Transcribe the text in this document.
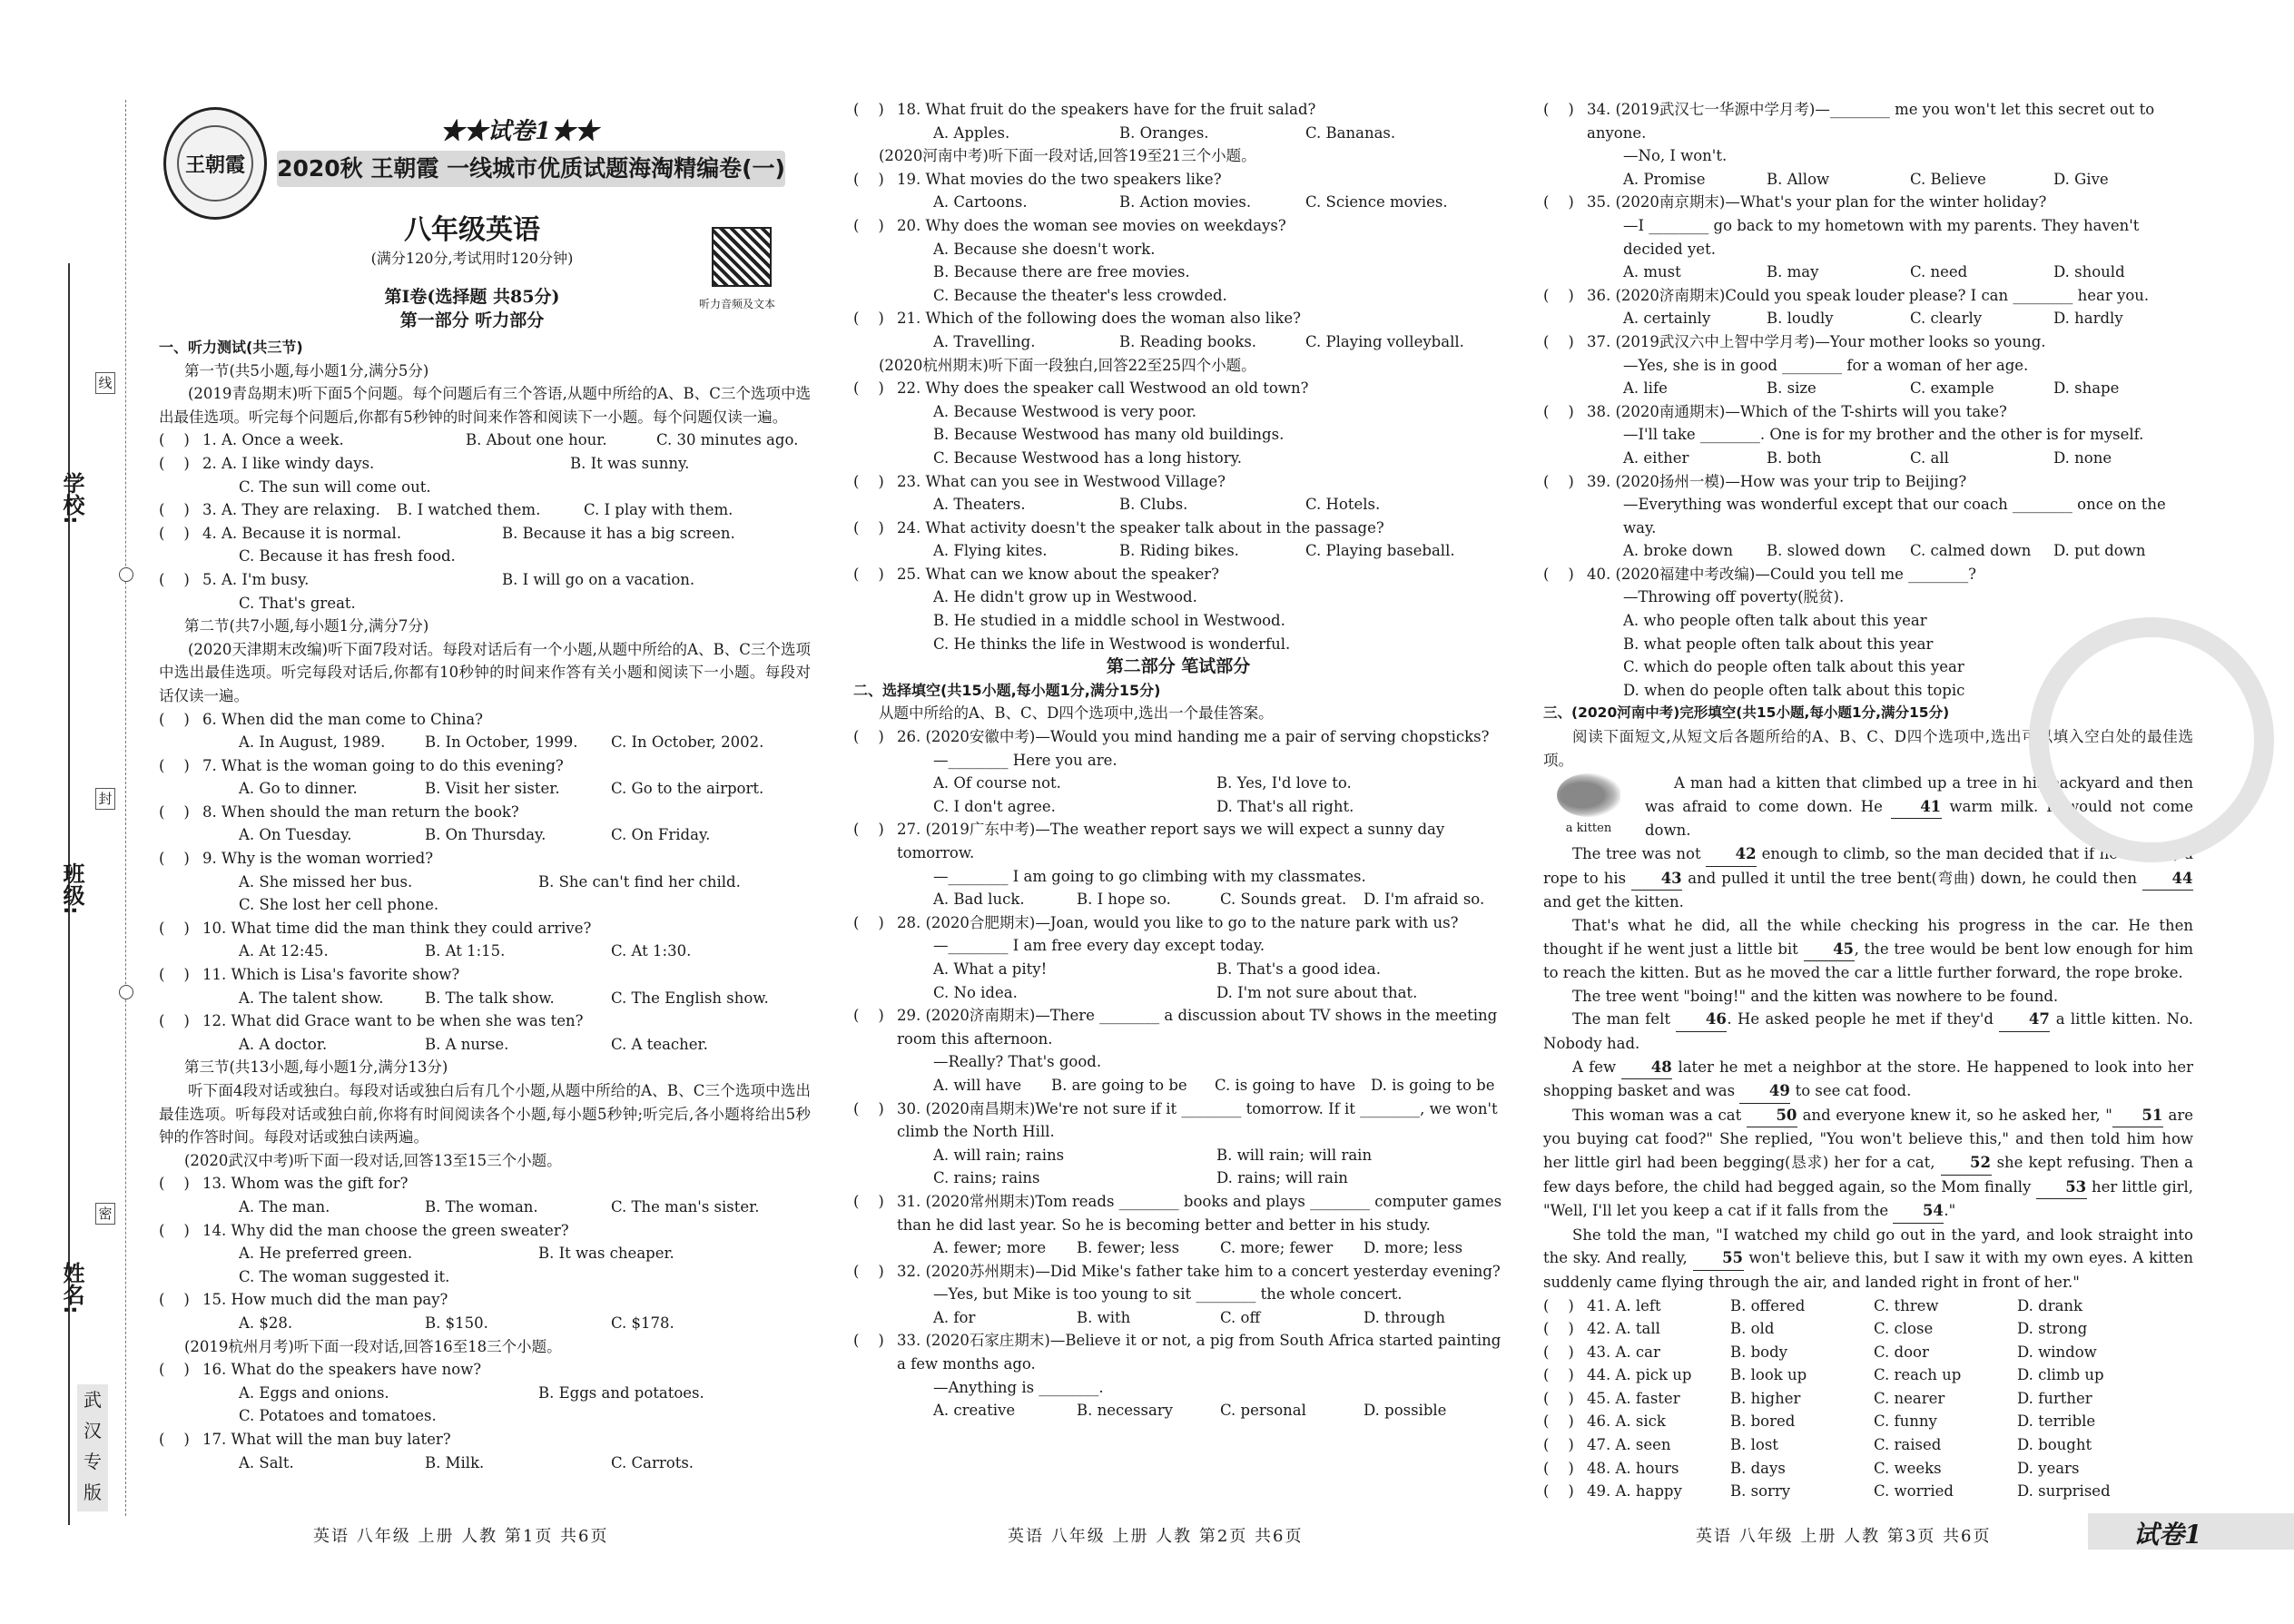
学校:
班级:
姓名:
线
封
密
武汉专版
王朝霞
★★试卷1★★
2020秋 王朝霞 一线城市优质试题海淘精编卷(一)
八年级英语
(满分120分,考试用时120分钟)
听力音频及文本
第Ⅰ卷(选择题 共85分)
第一部分 听力部分
一、听力测试(共三节)
第一节(共5小题,每小题1分,满分5分)
(2019青岛期末)听下面5个问题。每个问题后有三个答语,从题中所给的A、B、C三个选项中选出最佳选项。听完每个问题后,你都有5秒钟的时间来作答和阅读下一小题。每个问题仅读一遍。
(    ) 1. A. Once a week.	B. About one hour.	C. 30 minutes ago.
(    ) 2. A. I like windy days.	B. It was sunny.
C. The sun will come out.
(    ) 3. A. They are relaxing.	B. I watched them.	C. I play with them.
(    ) 4. A. Because it is normal.	B. Because it has a big screen.
C. Because it has fresh food.
(    ) 5. A. I'm busy.	B. I will go on a vacation.
C. That's great.
第二节(共7小题,每小题1分,满分7分)
(2020天津期末改编)听下面7段对话。每段对话后有一个小题,从题中所给的A、B、C三个选项中选出最佳选项。听完每段对话后,你都有10秒钟的时间来作答有关小题和阅读下一小题。每段对话仅读一遍。
(    ) 6. When did the man come to China?
A. In August, 1989.	B. In October, 1999.	C. In October, 2002.
(    ) 7. What is the woman going to do this evening?
A. Go to dinner.	B. Visit her sister.	C. Go to the airport.
(    ) 8. When should the man return the book?
A. On Tuesday.	B. On Thursday.	C. On Friday.
(    ) 9. Why is the woman worried?
A. She missed her bus.	B. She can't find her child.
C. She lost her cell phone.
(    ) 10. What time did the man think they could arrive?
A. At 12:45.	B. At 1:15.	C. At 1:30.
(    ) 11. Which is Lisa's favorite show?
A. The talent show.	B. The talk show.	C. The English show.
(    ) 12. What did Grace want to be when she was ten?
A. A doctor.	B. A nurse.	C. A teacher.
第三节(共13小题,每小题1分,满分13分)
听下面4段对话或独白。每段对话或独白后有几个小题,从题中所给的A、B、C三个选项中选出最佳选项。听每段对话或独白前,你将有时间阅读各个小题,每小题5秒钟;听完后,各小题将给出5秒钟的作答时间。每段对话或独白读两遍。
(2020武汉中考)听下面一段对话,回答13至15三个小题。
(    ) 13. Whom was the gift for?
A. The man.	B. The woman.	C. The man's sister.
(    ) 14. Why did the man choose the green sweater?
A. He preferred green.	B. It was cheaper.
C. The woman suggested it.
(    ) 15. How much did the man pay?
A. $28.	B. $150.	C. $178.
(2019杭州月考)听下面一段对话,回答16至18三个小题。
(    ) 16. What do the speakers have now?
A. Eggs and onions.	B. Eggs and potatoes.
C. Potatoes and tomatoes.
(    ) 17. What will the man buy later?
A. Salt.	B. Milk.	C. Carrots.
(    ) 18. What fruit do the speakers have for the fruit salad?
A. Apples.	B. Oranges.	C. Bananas.
(2020河南中考)听下面一段对话,回答19至21三个小题。
(    ) 19. What movies do the two speakers like?
A. Cartoons.	B. Action movies.	C. Science movies.
(    ) 20. Why does the woman see movies on weekdays?
A. Because she doesn't work.
B. Because there are free movies.
C. Because the theater's less crowded.
(    ) 21. Which of the following does the woman also like?
A. Travelling.	B. Reading books.	C. Playing volleyball.
(2020杭州期末)听下面一段独白,回答22至25四个小题。
(    ) 22. Why does the speaker call Westwood an old town?
A. Because Westwood is very poor.
B. Because Westwood has many old buildings.
C. Because Westwood has a long history.
(    ) 23. What can you see in Westwood Village?
A. Theaters.	B. Clubs.	C. Hotels.
(    ) 24. What activity doesn't the speaker talk about in the passage?
A. Flying kites.	B. Riding bikes.	C. Playing baseball.
(    ) 25. What can we know about the speaker?
A. He didn't grow up in Westwood.
B. He studied in a middle school in Westwood.
C. He thinks the life in Westwood is wonderful.
第二部分 笔试部分
二、选择填空(共15小题,每小题1分,满分15分)
从题中所给的A、B、C、D四个选项中,选出一个最佳答案。
(    ) 26. (2020安徽中考)—Would you mind handing me a pair of serving chopsticks?
—________ Here you are.
A. Of course not.	B. Yes, I'd love to.
C. I don't agree.	D. That's all right.
(    ) 27. (2019广东中考)—The weather report says we will expect a sunny day tomorrow.
—________ I am going to go climbing with my classmates.
A. Bad luck.	B. I hope so.	C. Sounds great.	D. I'm afraid so.
(    ) 28. (2020合肥期末)—Joan, would you like to go to the nature park with us?
—________ I am free every day except today.
A. What a pity!	B. That's a good idea.
C. No idea.	D. I'm not sure about that.
(    ) 29. (2020济南期末)—There ________ a discussion about TV shows in the meeting room this afternoon.
—Really? That's good.
A. will have	B. are going to be	C. is going to have	D. is going to be
(    ) 30. (2020南昌期末)We're not sure if it ________ tomorrow. If it ________, we won't climb the North Hill.
A. will rain; rains	B. will rain; will rain
C. rains; rains	D. rains; will rain
(    ) 31. (2020常州期末)Tom reads ________ books and plays ________ computer games than he did last year. So he is becoming better and better in his study.
A. fewer; more	B. fewer; less	C. more; fewer	D. more; less
(    ) 32. (2020苏州期末)—Did Mike's father take him to a concert yesterday evening?
—Yes, but Mike is too young to sit ________ the whole concert.
A. for	B. with	C. off	D. through
(    ) 33. (2020石家庄期末)—Believe it or not, a pig from South Africa started painting a few months ago.
—Anything is ________.
A. creative	B. necessary	C. personal	D. possible
(    ) 34. (2019武汉七一华源中学月考)—________ me you won't let this secret out to anyone.
—No, I won't.
A. Promise	B. Allow	C. Believe	D. Give
(    ) 35. (2020南京期末)—What's your plan for the winter holiday?
—I ________ go back to my hometown with my parents. They haven't decided yet.
A. must	B. may	C. need	D. should
(    ) 36. (2020济南期末)Could you speak louder please? I can ________ hear you.
A. certainly	B. loudly	C. clearly	D. hardly
(    ) 37. (2019武汉六中上智中学月考)—Your mother looks so young.
—Yes, she is in good ________ for a woman of her age.
A. life	B. size	C. example	D. shape
(    ) 38. (2020南通期末)—Which of the T-shirts will you take?
—I'll take ________. One is for my brother and the other is for myself.
A. either	B. both	C. all	D. none
(    ) 39. (2020扬州一模)—How was your trip to Beijing?
—Everything was wonderful except that our coach ________ once on the way.
A. broke down	B. slowed down	C. calmed down	D. put down
(    ) 40. (2020福建中考改编)—Could you tell me ________?
—Throwing off poverty(脱贫).
A. who people often talk about this year
B. what people often talk about this year
C. which do people often talk about this year
D. when do people often talk about this topic
三、(2020河南中考)完形填空(共15小题,每小题1分,满分15分)
阅读下面短文,从短文后各题所给的A、B、C、D四个选项中,选出可以填入空白处的最佳选项。
a kitten
A man had a kitten that climbed up a tree in his backyard and then was afraid to come down. He 41 warm milk. It would not come down.
The tree was not 42 enough to climb, so the man decided that if he tied(拴) a rope to his 43 and pulled it until the tree bent(弯曲) down, he could then 44 and get the kitten.
That's what he did, all the while checking his progress in the car. He then thought if he went just a little bit 45, the tree would be bent low enough for him to reach the kitten. But as he moved the car a little further forward, the rope broke.
The tree went "boing!" and the kitten was nowhere to be found.
The man felt 46. He asked people he met if they'd 47 a little kitten. No. Nobody had.
A few 48 later he met a neighbor at the store. He happened to look into her shopping basket and was 49 to see cat food.
This woman was a cat 50 and everyone knew it, so he asked her, " 51 are you buying cat food?" She replied, "You won't believe this," and then told him how her little girl had been begging(恳求) her for a cat, 52 she kept refusing. Then a few days before, the child had begged again, so the Mom finally 53 her little girl, "Well, I'll let you keep a cat if it falls from the 54."
She told the man, "I watched my child go out in the yard, and look straight into the sky. And really, 55 won't believe this, but I saw it with my own eyes. A kitten suddenly came flying through the air, and landed right in front of her."
(    ) 41. A. left	B. offered	C. threw	D. drank
(    ) 42. A. tall	B. old	C. close	D. strong
(    ) 43. A. car	B. body	C. door	D. window
(    ) 44. A. pick up	B. look up	C. reach up	D. climb up
(    ) 45. A. faster	B. higher	C. nearer	D. further
(    ) 46. A. sick	B. bored	C. funny	D. terrible
(    ) 47. A. seen	B. lost	C. raised	D. bought
(    ) 48. A. hours	B. days	C. weeks	D. years
(    ) 49. A. happy	B. sorry	C. worried	D. surprised
英语 八年级 上册 人教 第1页 共6页	英语 八年级 上册 人教 第2页 共6页	英语 八年级 上册 人教 第3页 共6页	试卷1
